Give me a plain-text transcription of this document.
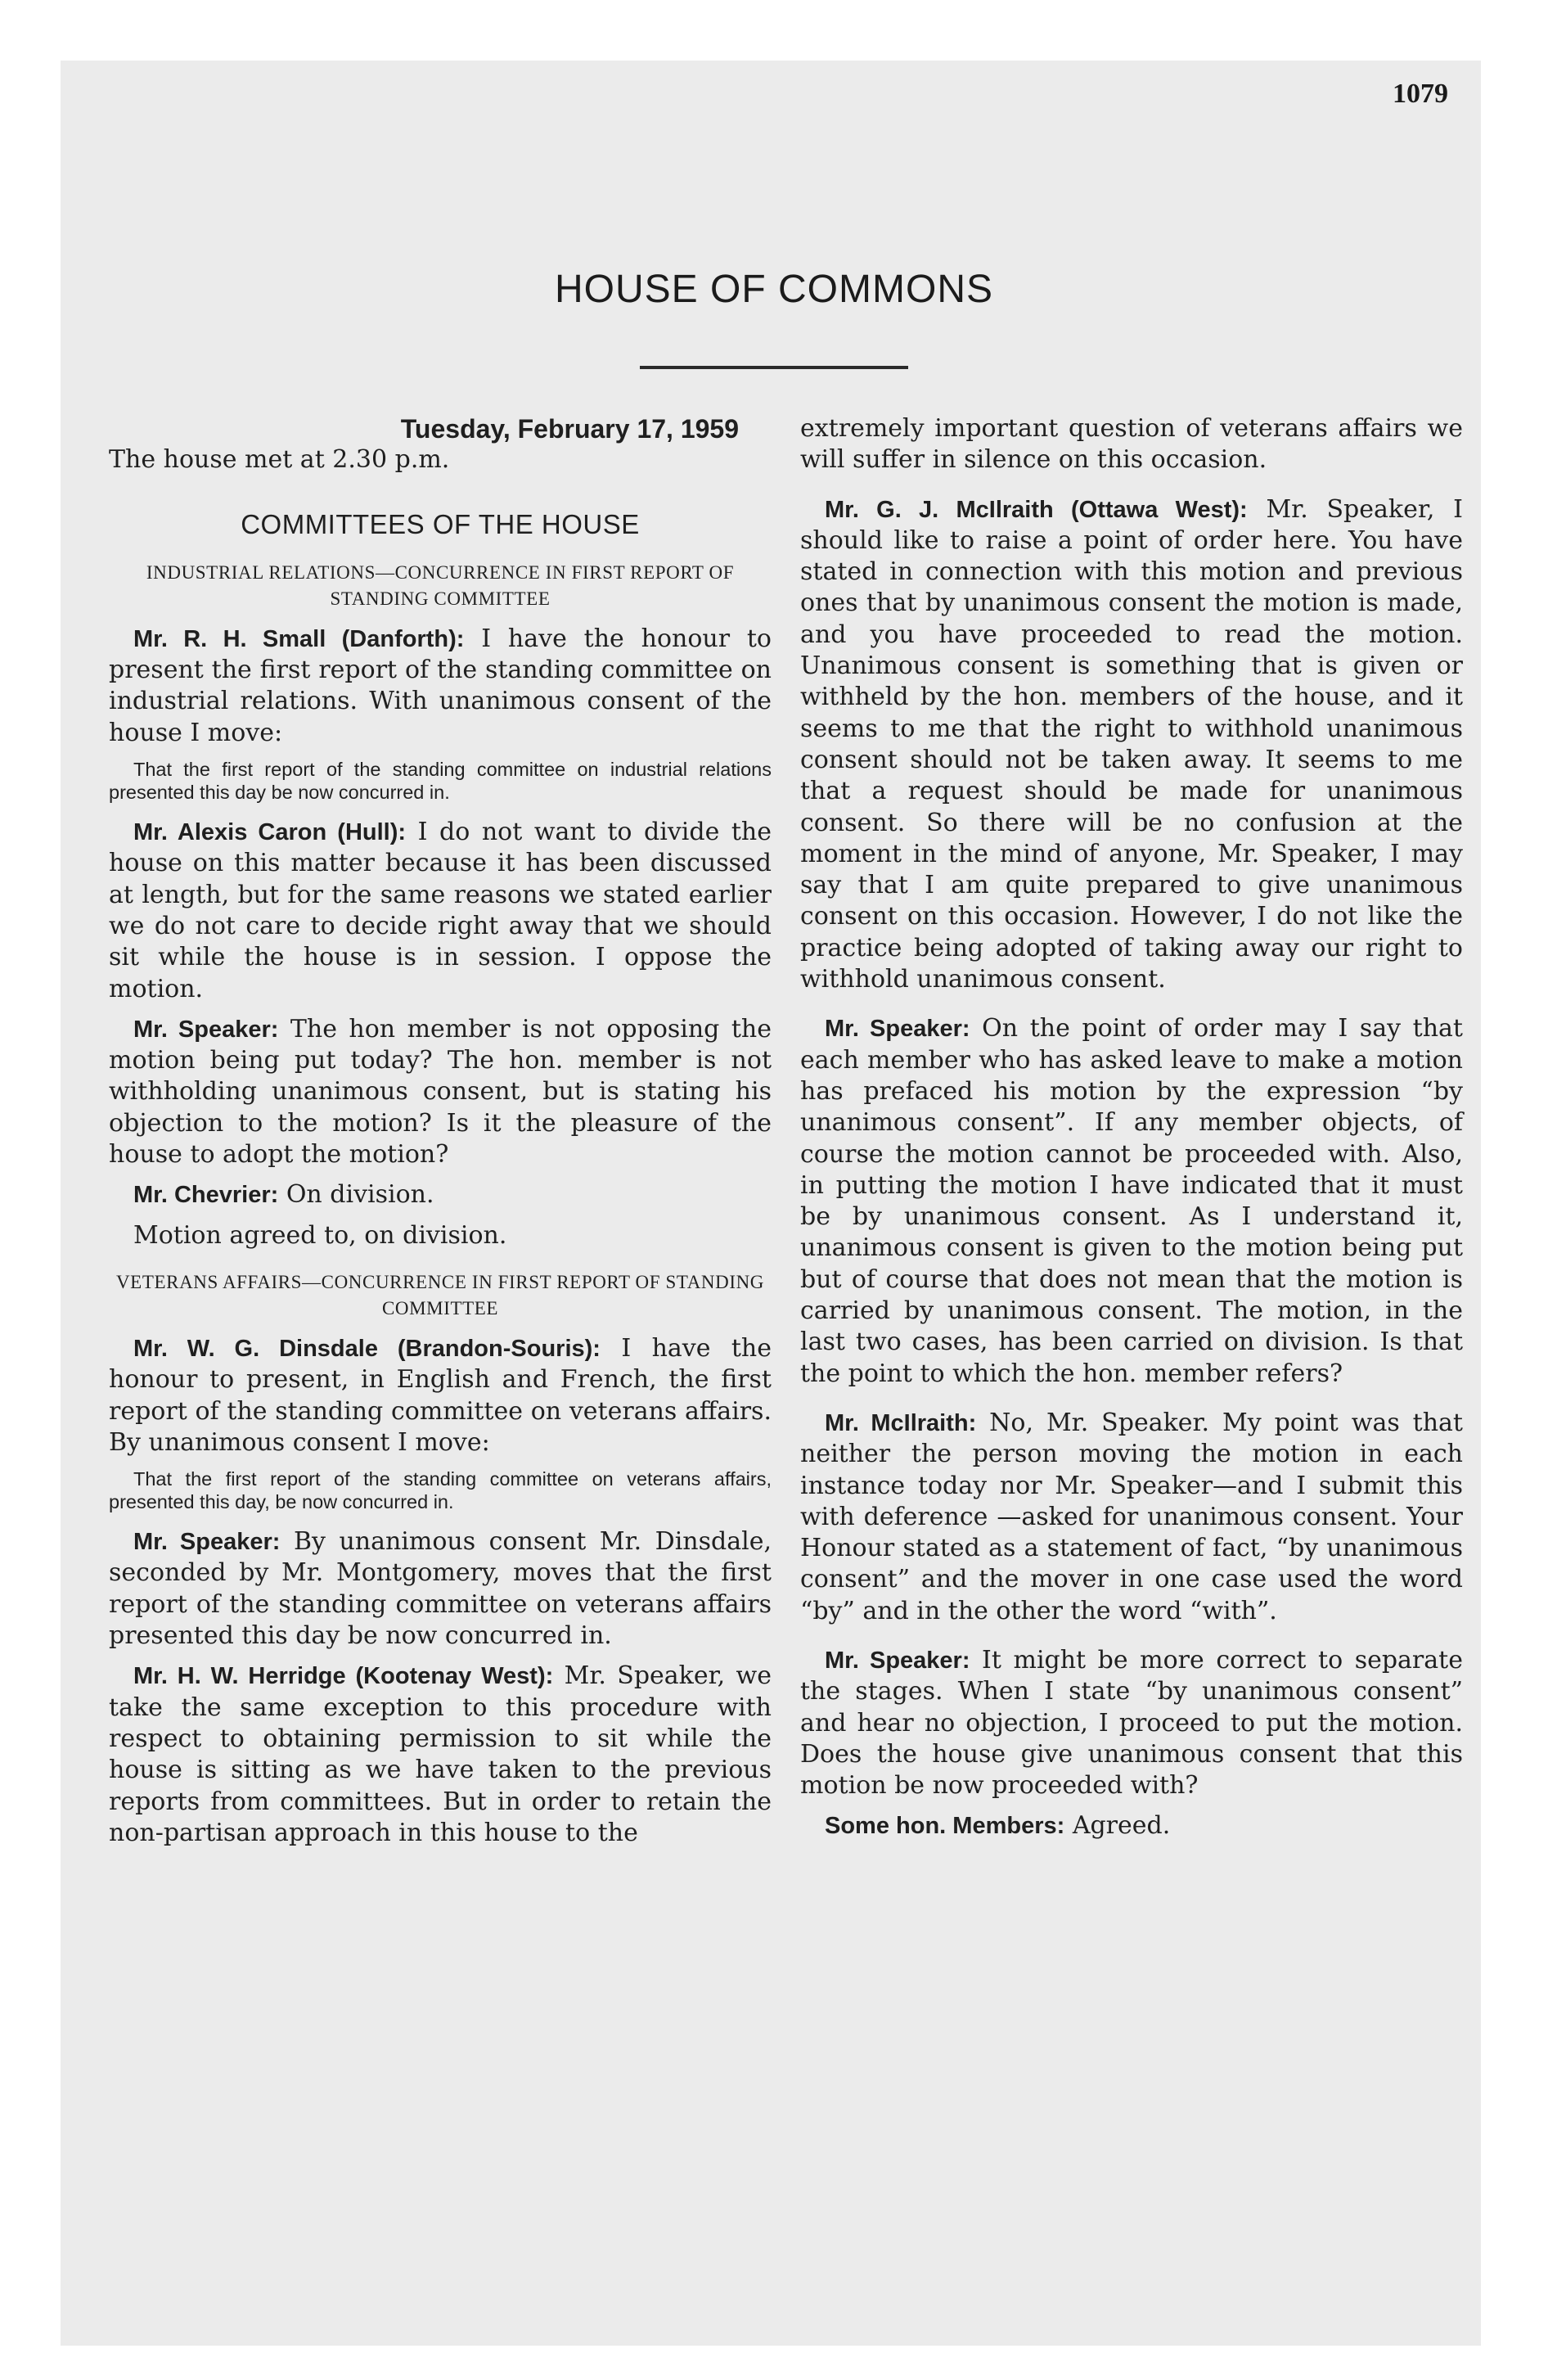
1079
HOUSE OF COMMONS

Tuesday, February 17, 1959

The house met at 2.30 p.m.

COMMITTEES OF THE HOUSE

INDUSTRIAL RELATIONS—CONCURRENCE IN FIRST REPORT OF STANDING COMMITTEE

Mr. R. H. Small (Danforth): I have the honour to present the first report of the standing committee on industrial relations. With unanimous consent of the house I move:

That the first report of the standing committee on industrial relations presented this day be now concurred in.

Mr. Alexis Caron (Hull): I do not want to divide the house on this matter because it has been discussed at length, but for the same reasons we stated earlier we do not care to decide right away that we should sit while the house is in session. I oppose the motion.

Mr. Speaker: The hon member is not opposing the motion being put today? The hon. member is not withholding unanimous consent, but is stating his objection to the motion? Is it the pleasure of the house to adopt the motion?

Mr. Chevrier: On division.

Motion agreed to, on division.

VETERANS AFFAIRS—CONCURRENCE IN FIRST REPORT OF STANDING COMMITTEE

Mr. W. G. Dinsdale (Brandon-Souris): I have the honour to present, in English and French, the first report of the standing committee on veterans affairs. By unanimous consent I move:

That the first report of the standing committee on veterans affairs, presented this day, be now concurred in.

Mr. Speaker: By unanimous consent Mr. Dinsdale, seconded by Mr. Montgomery, moves that the first report of the standing committee on veterans affairs presented this day be now concurred in.

Mr. H. W. Herridge (Kootenay West): Mr. Speaker, we take the same exception to this procedure with respect to obtaining permission to sit while the house is sitting as we have taken to the previous reports from committees. But in order to retain the non-partisan approach in this house to the

extremely important question of veterans affairs we will suffer in silence on this occasion.

Mr. G. J. McIlraith (Ottawa West): Mr. Speaker, I should like to raise a point of order here. You have stated in connection with this motion and previous ones that by unanimous consent the motion is made, and you have proceeded to read the motion. Unanimous consent is something that is given or withheld by the hon. members of the house, and it seems to me that the right to withhold unanimous consent should not be taken away. It seems to me that a request should be made for unanimous consent. So there will be no confusion at the moment in the mind of anyone, Mr. Speaker, I may say that I am quite prepared to give unanimous consent on this occasion. However, I do not like the practice being adopted of taking away our right to withhold unanimous consent.

Mr. Speaker: On the point of order may I say that each member who has asked leave to make a motion has prefaced his motion by the expression “by unanimous consent”. If any member objects, of course the motion cannot be proceeded with. Also, in putting the motion I have indicated that it must be by unanimous consent. As I understand it, unanimous consent is given to the motion being put but of course that does not mean that the motion is carried by unanimous consent. The motion, in the last two cases, has been carried on division. Is that the point to which the hon. member refers?

Mr. McIlraith: No, Mr. Speaker. My point was that neither the person moving the motion in each instance today nor Mr. Speaker—and I submit this with deference —asked for unanimous consent. Your Honour stated as a statement of fact, “by unanimous consent” and the mover in one case used the word “by” and in the other the word “with”.

Mr. Speaker: It might be more correct to separate the stages. When I state “by unanimous consent” and hear no objection, I proceed to put the motion. Does the house give unanimous consent that this motion be now proceeded with?

Some hon. Members: Agreed.
